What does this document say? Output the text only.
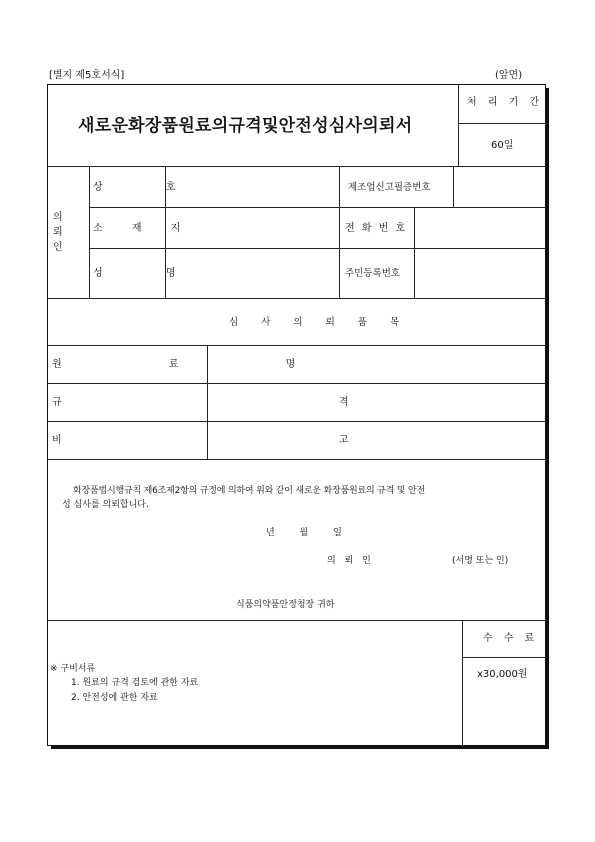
[별지 제5호서식]	(앞면)
새로운화장품원료의규격및안전성심사의뢰서
처 리 기 간
60일
의
뢰
인
상 호	제조업신고필증번호
소 재 지	전 화 번 호
성 명	주민등록번호
심 사 의 뢰 품 목
원 료 명
규 격
비 고
화장품법시행규칙 제6조제2항의 규정에 의하여 위와 같이 새로운 화장품원료의 규격 및 안전
성 심사를 의뢰합니다.
년 월 일
의 뢰 인	(서명 또는 인)
식품의약품안정청장 귀하
※ 구비서류
1. 원료의 규격 검토에 관한 자료
2. 안전성에 관한 자료
수 수 료
x30,000원
